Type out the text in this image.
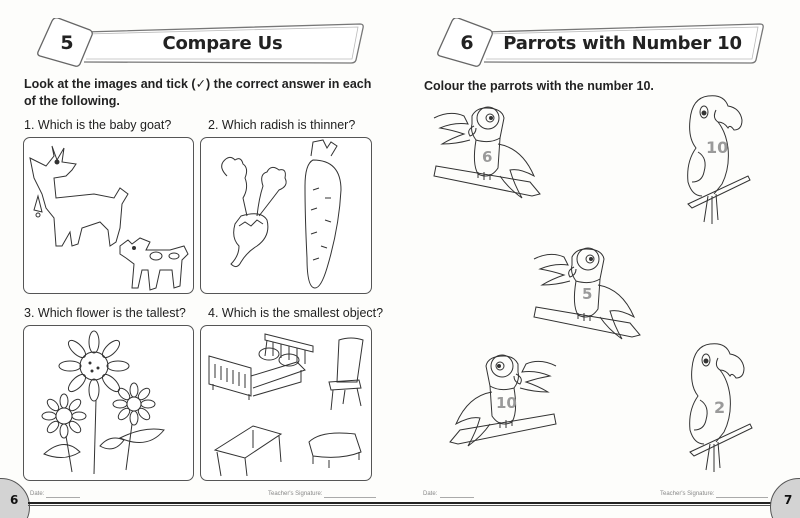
5	Compare Us
Look at the images and tick (✓) the correct answer in each of the following.
1. Which is the baby goat?	2. Which radish is thinner?
3. Which flower is the tallest? 4. Which is the smallest object?
6 Date:	Teacher's Signature:
6	Parrots with Number 10
Colour the parrots with the number 10.
6	10
5
10	2
Date:	Teacher's Signature:	7
